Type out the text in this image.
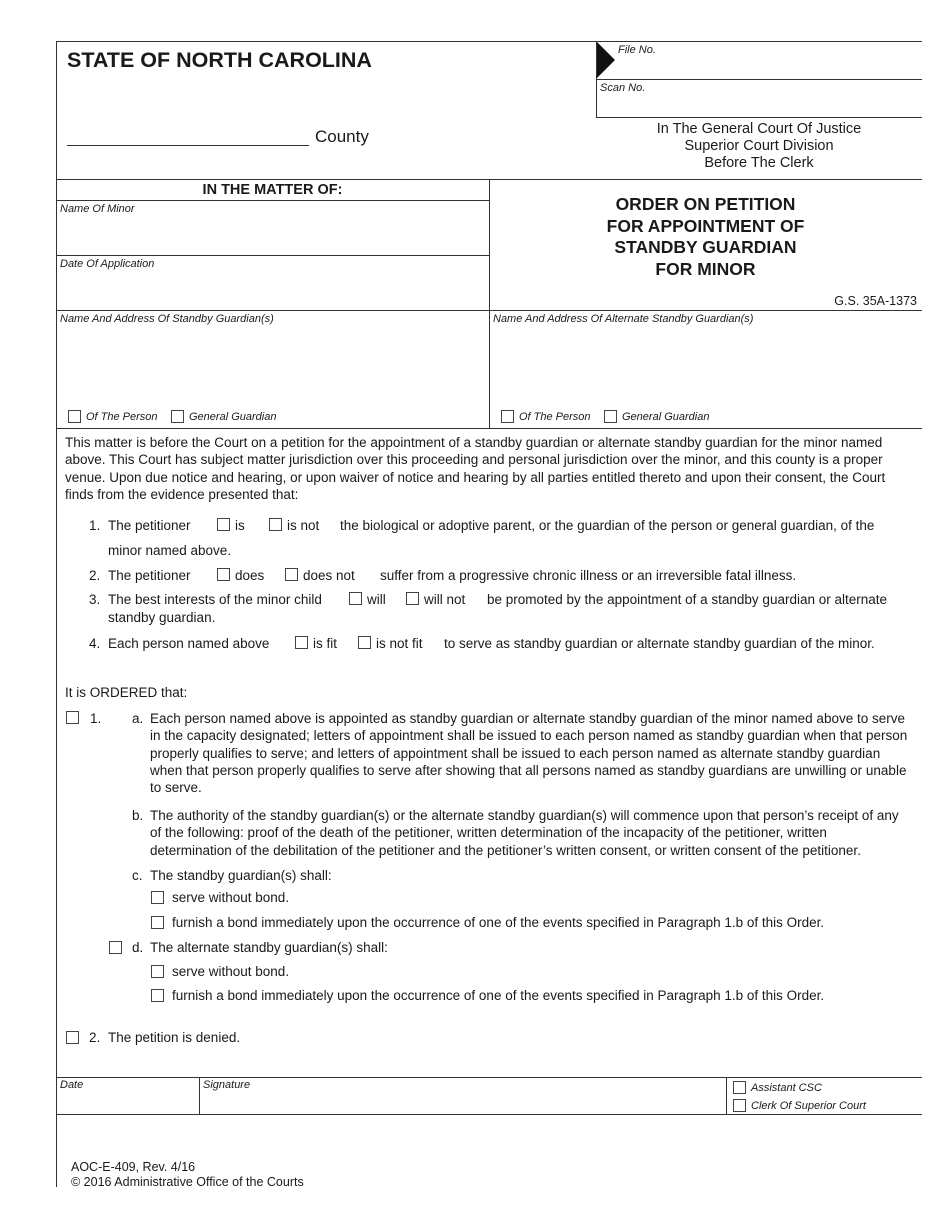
STATE OF NORTH CAROLINA	File No.
Scan No.
County	In The General Court Of Justice
Superior Court Division
Before The Clerk
IN THE MATTER OF:
Name Of Minor
Date Of Application
ORDER ON PETITION
FOR APPOINTMENT OF
STANDBY GUARDIAN
FOR MINOR
G.S. 35A-1373
Name And Address Of Standby Guardian(s)
Of The Person	General Guardian
Name And Address Of Alternate Standby Guardian(s)
Of The Person	General Guardian
This matter is before the Court on a petition for the appointment of a standby guardian or alternate standby guardian for the minor named above. This Court has subject matter jurisdiction over this proceeding and personal jurisdiction over the minor, and this county is a proper venue. Upon due notice and hearing, or upon waiver of notice and hearing by all parties entitled thereto and upon their consent, the Court finds from the evidence presented that:
1. The petitioner	is	is not the biological or adoptive parent, or the guardian of the person or general guardian, of the
minor named above.
2. The petitioner	does	does not suffer from a progressive chronic illness or an irreversible fatal illness.
3. The best interests of the minor child	will	will not be promoted by the appointment of a standby guardian or alternate
standby guardian.
4. Each person named above	is fit	is not fit to serve as standby guardian or alternate standby guardian of the minor.
It is ORDERED that:
1. a. Each person named above is appointed as standby guardian or alternate standby guardian of the minor named above to serve in the capacity designated; letters of appointment shall be issued to each person named as standby guardian when that person properly qualifies to serve; and letters of appointment shall be issued to each person named as alternate standby guardian when that person properly qualifies to serve after showing that all persons named as standby guardians are unwilling or unable to serve.
b. The authority of the standby guardian(s) or the alternate standby guardian(s) will commence upon that person’s receipt of any of the following: proof of the death of the petitioner, written determination of the incapacity of the petitioner, written determination of the debilitation of the petitioner and the petitioner’s written consent, or written consent of the petitioner.
c. The standby guardian(s) shall:
serve without bond.
furnish a bond immediately upon the occurrence of one of the events specified in Paragraph 1.b of this Order.
d. The alternate standby guardian(s) shall:
serve without bond.
furnish a bond immediately upon the occurrence of one of the events specified in Paragraph 1.b of this Order.
2. The petition is denied.
Date	Signature	Assistant CSC
Clerk Of Superior Court
AOC-E-409, Rev. 4/16
© 2016 Administrative Office of the Courts
